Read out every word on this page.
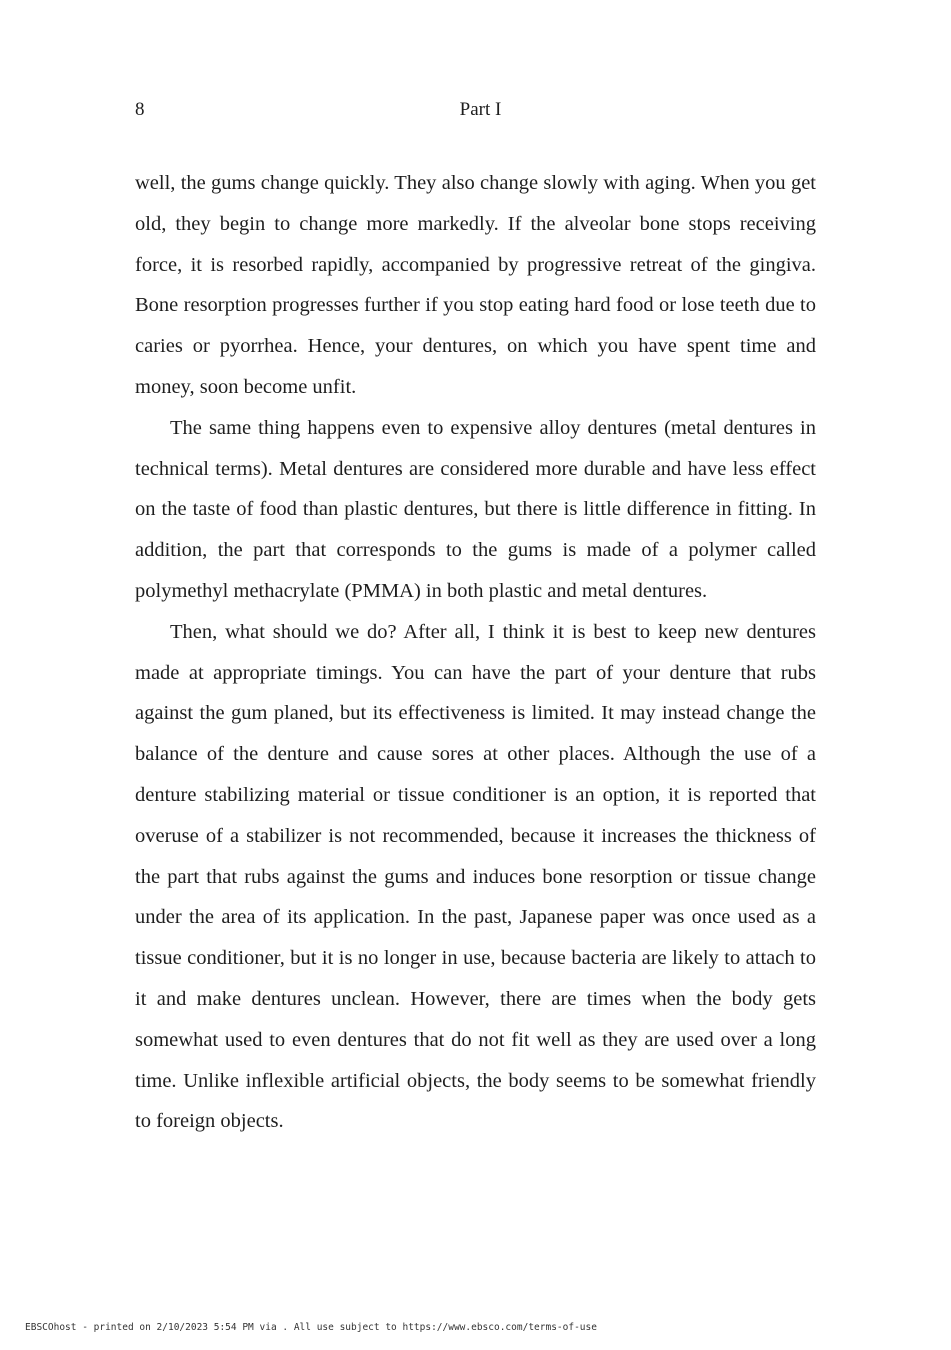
8	Part I

well, the gums change quickly. They also change slowly with aging. When you get old, they begin to change more markedly. If the alveolar bone stops receiving force, it is resorbed rapidly, accompanied by progressive retreat of the gingiva. Bone resorption progresses further if you stop eating hard food or lose teeth due to caries or pyorrhea. Hence, your dentures, on which you have spent time and money, soon become unfit.

The same thing happens even to expensive alloy dentures (metal dentures in technical terms). Metal dentures are considered more durable and have less effect on the taste of food than plastic dentures, but there is little difference in fitting. In addition, the part that corresponds to the gums is made of a polymer called polymethyl methacrylate (PMMA) in both plastic and metal dentures.

Then, what should we do? After all, I think it is best to keep new dentures made at appropriate timings. You can have the part of your denture that rubs against the gum planed, but its effectiveness is limited. It may instead change the balance of the denture and cause sores at other places. Although the use of a denture stabilizing material or tissue conditioner is an option, it is reported that overuse of a stabilizer is not recommended, because it increases the thickness of the part that rubs against the gums and induces bone resorption or tissue change under the area of its application. In the past, Japanese paper was once used as a tissue conditioner, but it is no longer in use, because bacteria are likely to attach to it and make dentures unclean. However, there are times when the body gets somewhat used to even dentures that do not fit well as they are used over a long time. Unlike inflexible artificial objects, the body seems to be somewhat friendly to foreign objects.

EBSCOhost - printed on 2/10/2023 5:54 PM via . All use subject to https://www.ebsco.com/terms-of-use
